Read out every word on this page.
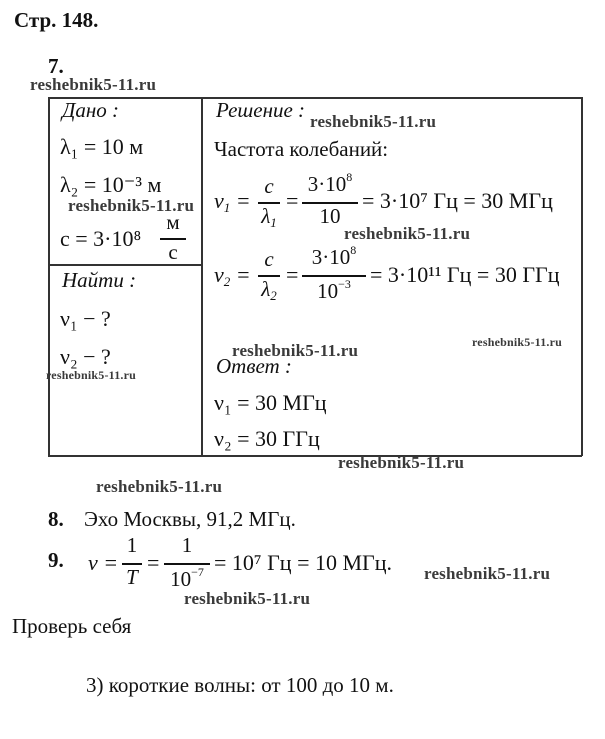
Стр. 148.
7.
Дано :
λ₁ = 10 м
λ₂ = 10⁻³ м
c = 3·10⁸
м
с
Найти :
ν₁ − ?
ν₂ − ?
Решение :
Частота колебаний:
$\nu_1$ =
c
$\lambda_1$
=
$3\cdot 10^8$
10
= 3·10⁷ Гц = 30 МГц
$\nu_2$ =
c
$\lambda_2$
=
$3\cdot 10^8$
$10^{-3} = 3\cdot 10^{11}$ Гц = 30 ГГц
Ответ :
ν₁ = 30 МГц
ν₂ = 30 ГГц
8. Эхо Москвы, 91,2 МГц.
9. ν =
1
T
=
1
$10^{-7} = 10^7$ Гц = 10 МГц.
Проверь себя
3) короткие волны: от 100 до 10 м.
reshebnik5-11.ru
reshebnik5-11.ru
reshebnik5-11.ru
reshebnik5-11.ru
reshebnik5-11.ru	reshebnik5-11.ru
reshebnik5-11.ru
reshebnik5-11.ru
reshebnik5-11.ru
reshebnik5-11.ru
reshebnik5-11.ru
